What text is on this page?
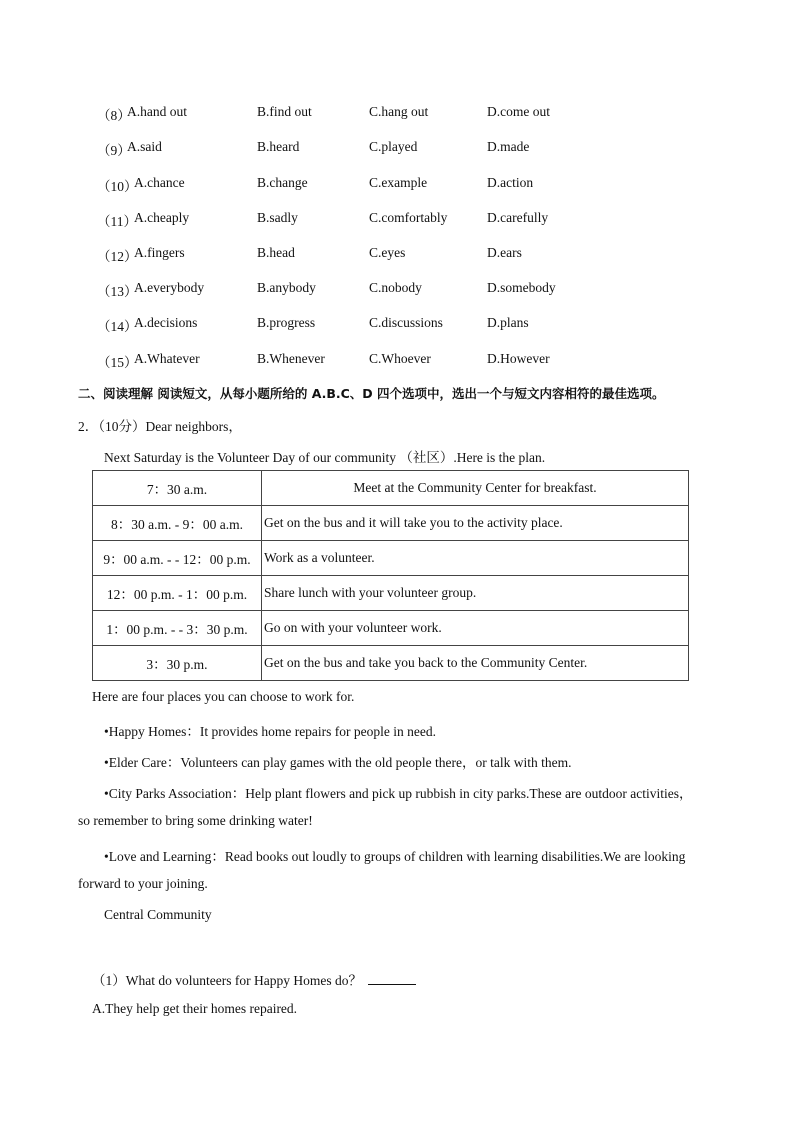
（8）
A.hand out	B.find out	C.hang out	D.come out
（9）
A.said	B.heard	C.played	D.made
（10）
A.chance	B.change	C.example	D.action
（11）
A.cheaply	B.sadly	C.comfortably	D.carefully
（12）
A.fingers	B.head	C.eyes	D.ears
（13）
A.everybody	B.anybody	C.nobody	D.somebody
（14）
A.decisions	B.progress	C.discussions	D.plans
（15）
A.Whatever	B.Whenever	C.Whoever	D.However
二、阅读理解 阅读短文，从每小题所给的 A.B.C、D 四个选项中，选出一个与短文内容相符的最佳选项。
2．（10分）Dear neighbors，
Next Saturday is the Volunteer Day of our community （社区）.Here is the plan.
7：30 a.m.	Meet at the Community Center for breakfast.
8：30 a.m. - 9：00 a.m.	Get on the bus and it will take you to the activity place.
9：00 a.m. - - 12：00 p.m.	Work as a volunteer.
12：00 p.m. - 1：00 p.m.	Share lunch with your volunteer group.
1：00 p.m. - - 3：30 p.m.	Go on with your volunteer work.
3：30 p.m.	Get on the bus and take you back to the Community Center.
Here are four places you can choose to work for.
•Happy Homes：It provides home repairs for people in need.
•Elder Care：Volunteers can play games with the old people there，or talk with them.
•City Parks Association：Help plant flowers and pick up rubbish in city parks.These are outdoor activities，
so remember to bring some drinking water!
•Love and Learning：Read books out loudly to groups of children with learning disabilities.We are looking
forward to your joining.
Central Community
（1）What do volunteers for Happy Homes do？
A.They help get their homes repaired.
